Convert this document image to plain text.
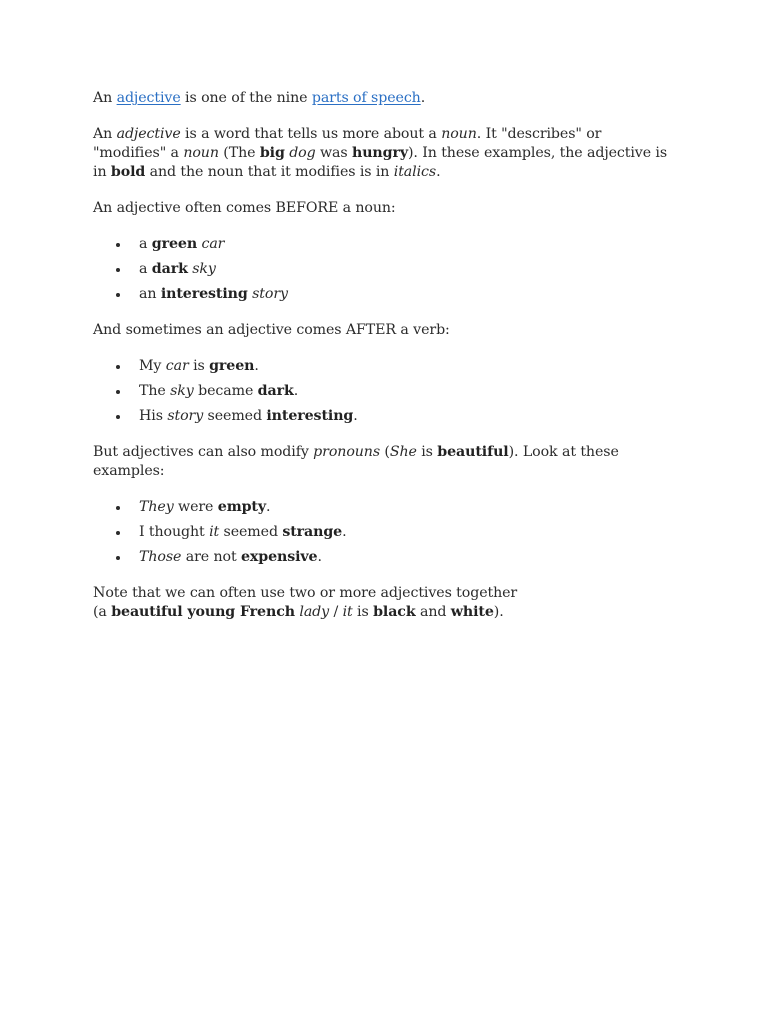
An adjective is one of the nine parts of speech.

An adjective is a word that tells us more about a noun. It "describes" or "modifies" a noun (The big dog was hungry). In these examples, the adjective is in bold and the noun that it modifies is in italics.

An adjective often comes BEFORE a noun:

a green car
a dark sky
an interesting story

And sometimes an adjective comes AFTER a verb:

My car is green.
The sky became dark.
His story seemed interesting.

But adjectives can also modify pronouns (She is beautiful). Look at these examples:

They were empty.
I thought it seemed strange.
Those are not expensive.

Note that we can often use two or more adjectives together
(a beautiful young French lady / it is black and white).
